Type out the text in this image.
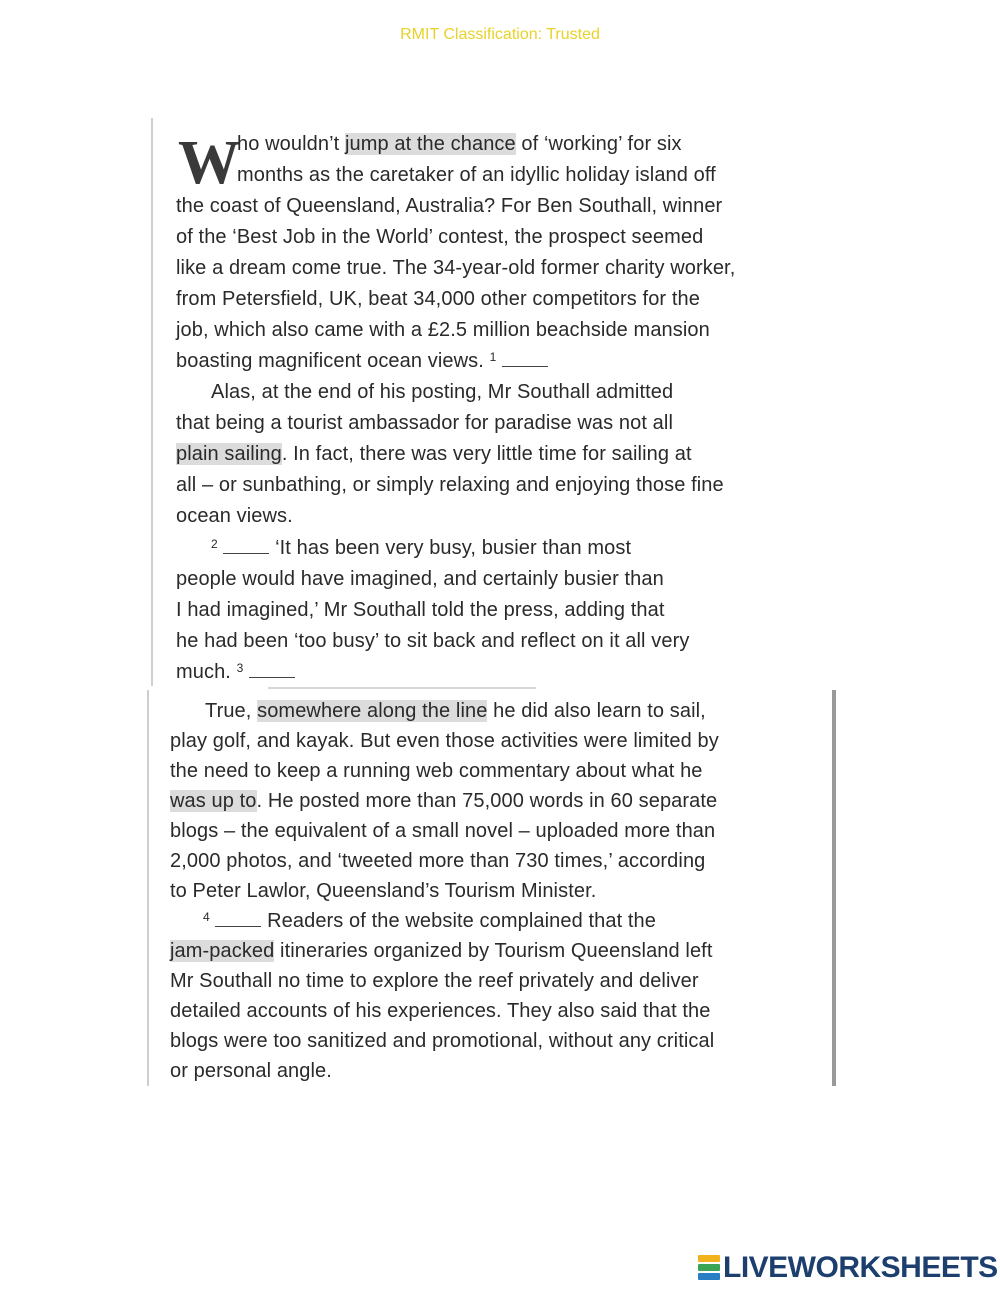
RMIT Classification: Trusted
W
ho wouldn’t jump at the chance of ‘working’ for six
months as the caretaker of an idyllic holiday island off
the coast of Queensland, Australia? For Ben Southall, winner
of the ‘Best Job in the World’ contest, the prospect seemed
like a dream come true. The 34-year-old former charity worker,
from Petersfield, UK, beat 34,000 other competitors for the
job, which also came with a £2.5 million beachside mansion
boasting magnificent ocean views. $^1$
Alas, at the end of his posting, Mr Southall admitted
that being a tourist ambassador for paradise was not all
plain sailing. In fact, there was very little time for sailing at
all – or sunbathing, or simply relaxing and enjoying those fine
ocean views.
$^2$	‘It has been very busy, busier than most
people would have imagined, and certainly busier than
I had imagined,’ Mr Southall told the press, adding that
he had been ‘too busy’ to sit back and reflect on it all very
much. $^3$
True, somewhere along the line he did also learn to sail,
play golf, and kayak. But even those activities were limited by
the need to keep a running web commentary about what he
was up to. He posted more than 75,000 words in 60 separate
blogs – the equivalent of a small novel – uploaded more than
2,000 photos, and ‘tweeted more than 730 times,’ according
to Peter Lawlor, Queensland’s Tourism Minister.
$^4$	Readers of the website complained that the
jam-packed itineraries organized by Tourism Queensland left
Mr Southall no time to explore the reef privately and deliver
detailed accounts of his experiences. They also said that the
blogs were too sanitized and promotional, without any critical
or personal angle.
LIVEWORKSHEETS
